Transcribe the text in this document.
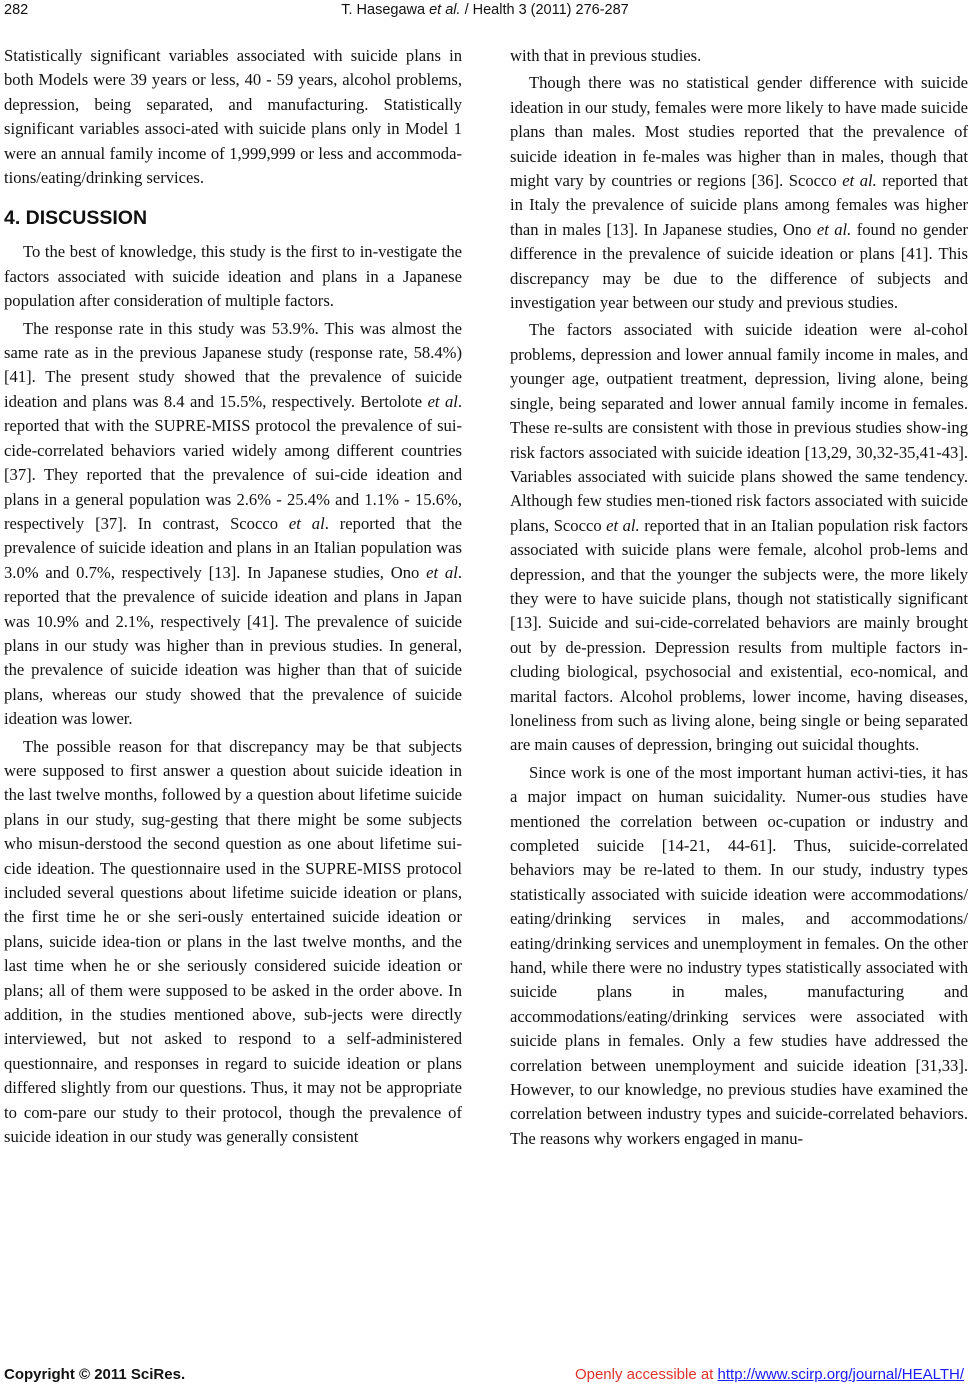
282	T. Hasegawa et al. / Health 3 (2011) 276-287

Statistically significant variables associated with suicide plans in both Models were 39 years or less, 40 - 59 years, alcohol problems, depression, being separated, and manufacturing. Statistically significant variables associ-ated with suicide plans only in Model 1 were an annual family income of 1,999,999 or less and accommoda-tions/eating/drinking services.

4. DISCUSSION

To the best of knowledge, this study is the first to in-vestigate the factors associated with suicide ideation and plans in a Japanese population after consideration of multiple factors.

The response rate in this study was 53.9%. This was almost the same rate as in the previous Japanese study (response rate, 58.4%) [41]. The present study showed that the prevalence of suicide ideation and plans was 8.4 and 15.5%, respectively. Bertolote et al. reported that with the SUPRE-MISS protocol the prevalence of sui-cide-correlated behaviors varied widely among different countries [37]. They reported that the prevalence of sui-cide ideation and plans in a general population was 2.6% - 25.4% and 1.1% - 15.6%, respectively [37]. In contrast, Scocco et al. reported that the prevalence of suicide ideation and plans in an Italian population was 3.0% and 0.7%, respectively [13]. In Japanese studies, Ono et al. reported that the prevalence of suicide ideation and plans in Japan was 10.9% and 2.1%, respectively [41]. The prevalence of suicide plans in our study was higher than in previous studies. In general, the prevalence of suicide ideation was higher than that of suicide plans, whereas our study showed that the prevalence of suicide ideation was lower.

The possible reason for that discrepancy may be that subjects were supposed to first answer a question about suicide ideation in the last twelve months, followed by a question about lifetime suicide plans in our study, sug-gesting that there might be some subjects who misun-derstood the second question as one about lifetime sui-cide ideation. The questionnaire used in the SUPRE-MISS protocol included several questions about lifetime suicide ideation or plans, the first time he or she seri-ously entertained suicide ideation or plans, suicide idea-tion or plans in the last twelve months, and the last time when he or she seriously considered suicide ideation or plans; all of them were supposed to be asked in the order above. In addition, in the studies mentioned above, sub-jects were directly interviewed, but not asked to respond to a self-administered questionnaire, and responses in regard to suicide ideation or plans differed slightly from our questions. Thus, it may not be appropriate to com-pare our study to their protocol, though the prevalence of suicide ideation in our study was generally consistent

with that in previous studies.

Though there was no statistical gender difference with suicide ideation in our study, females were more likely to have made suicide plans than males. Most studies reported that the prevalence of suicide ideation in fe-males was higher than in males, though that might vary by countries or regions [36]. Scocco et al. reported that in Italy the prevalence of suicide plans among females was higher than in males [13]. In Japanese studies, Ono et al. found no gender difference in the prevalence of suicide ideation or plans [41]. This discrepancy may be due to the difference of subjects and investigation year between our study and previous studies.

The factors associated with suicide ideation were al-cohol problems, depression and lower annual family income in males, and younger age, outpatient treatment, depression, living alone, being single, being separated and lower annual family income in females. These re-sults are consistent with those in previous studies show-ing risk factors associated with suicide ideation [13,29, 30,32-35,41-43]. Variables associated with suicide plans showed the same tendency. Although few studies men-tioned risk factors associated with suicide plans, Scocco et al. reported that in an Italian population risk factors associated with suicide plans were female, alcohol prob-lems and depression, and that the younger the subjects were, the more likely they were to have suicide plans, though not statistically significant [13]. Suicide and sui-cide-correlated behaviors are mainly brought out by de-pression. Depression results from multiple factors in-cluding biological, psychosocial and existential, eco-nomical, and marital factors. Alcohol problems, lower income, having diseases, loneliness from such as living alone, being single or being separated are main causes of depression, bringing out suicidal thoughts.

Since work is one of the most important human activi-ties, it has a major impact on human suicidality. Numer-ous studies have mentioned the correlation between oc-cupation or industry and completed suicide [14-21, 44-61]. Thus, suicide-correlated behaviors may be re-lated to them. In our study, industry types statistically associated with suicide ideation were accommodations/ eating/drinking services in males, and accommodations/ eating/drinking services and unemployment in females. On the other hand, while there were no industry types statistically associated with suicide plans in males, manufacturing and accommodations/eating/drinking services were associated with suicide plans in females. Only a few studies have addressed the correlation between unemployment and suicide ideation [31,33]. However, to our knowledge, no previous studies have examined the correlation between industry types and suicide-correlated behaviors. The reasons why workers engaged in manu-

Copyright © 2011 SciRes.	Openly accessible at http://www.scirp.org/journal/HEALTH/
